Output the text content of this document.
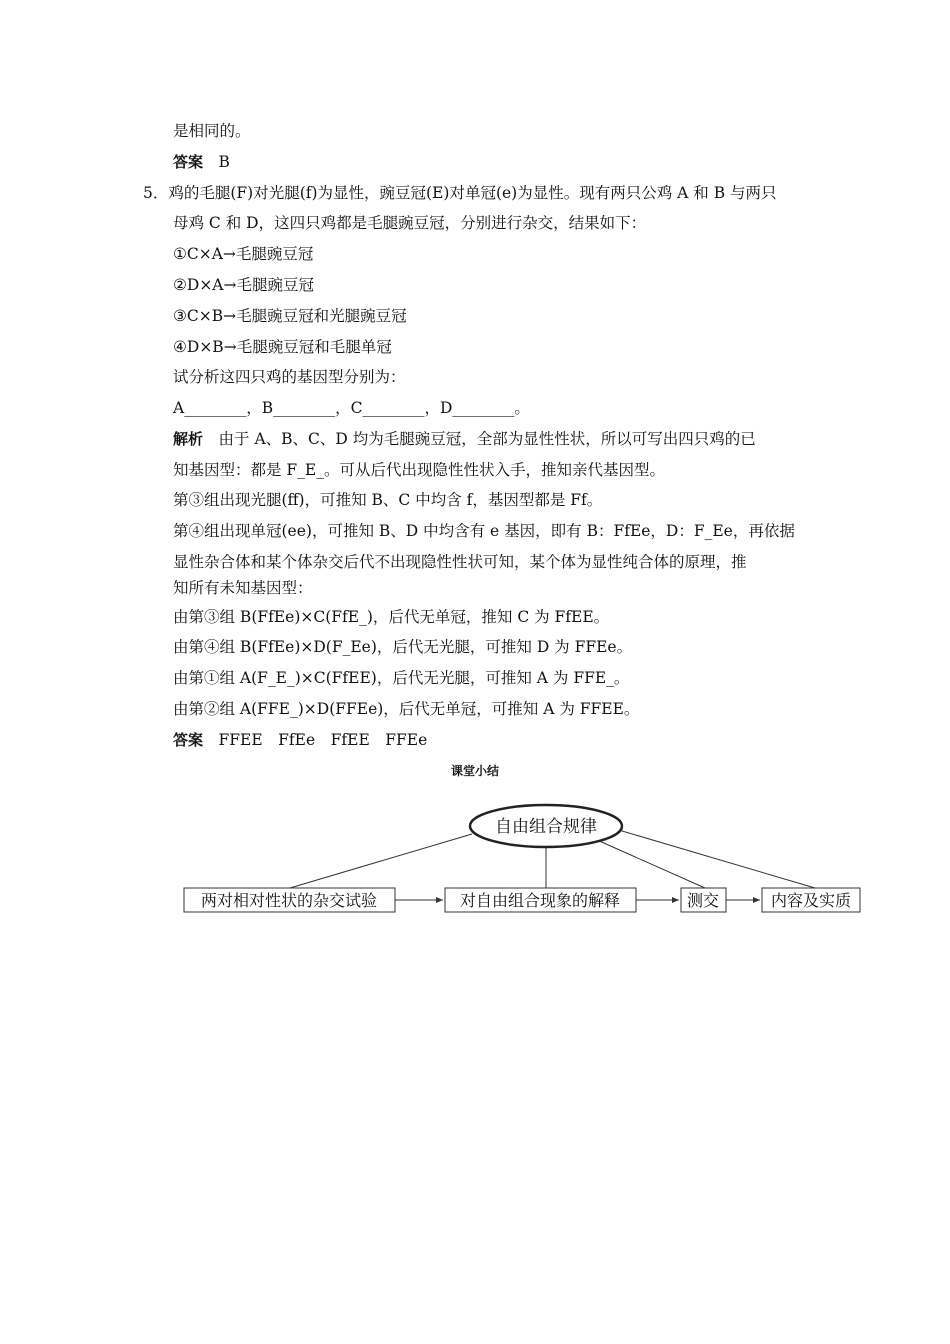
是相同的。
答案　 B
5．鸡的毛腿(F)对光腿(f)为显性，豌豆冠(E)对单冠(e)为显性。现有两只公鸡 A 和 B 与两只
母鸡 C 和 D，这四只鸡都是毛腿豌豆冠，分别进行杂交，结果如下：
①C×A→毛腿豌豆冠
②D×A→毛腿豌豆冠
③C×B→毛腿豌豆冠和光腿豌豆冠
④D×B→毛腿豌豆冠和毛腿单冠
试分析这四只鸡的基因型分别为：
A________，B________，C________，D________。
解析　 由于 A、B、C、D 均为毛腿豌豆冠，全部为显性性状，所以可写出四只鸡的已
知基因型：都是 F_E_。可从后代出现隐性性状入手，推知亲代基因型。
第③组出现光腿(ff)，可推知 B、C 中均含 f，基因型都是 Ff。
第④组出现单冠(ee)，可推知 B、D 中均含有 e 基因，即有 B：FfEe，D：F_Ee，再依据
显性杂合体和某个体杂交后代不出现隐性性状可知，某个体为显性纯合体的原理，推
知所有未知基因型：
由第③组 B(FfEe)×C(FfE_)，后代无单冠，推知 C 为 FfEE。
由第④组 B(FfEe)×D(F_Ee)，后代无光腿，可推知 D 为 FFEe。
由第①组 A(F_E_)×C(FfEE)，后代无光腿，可推知 A 为 FFE_。
由第②组 A(FFE_)×D(FFEe)，后代无单冠，可推知 A 为 FFEE。
答案　 FFEE　FfEe　FfEE　FFEe
课堂小结
自由组合规律
两对相对性状的杂交试验	对自由组合现象的解释	测交	内容及实质
